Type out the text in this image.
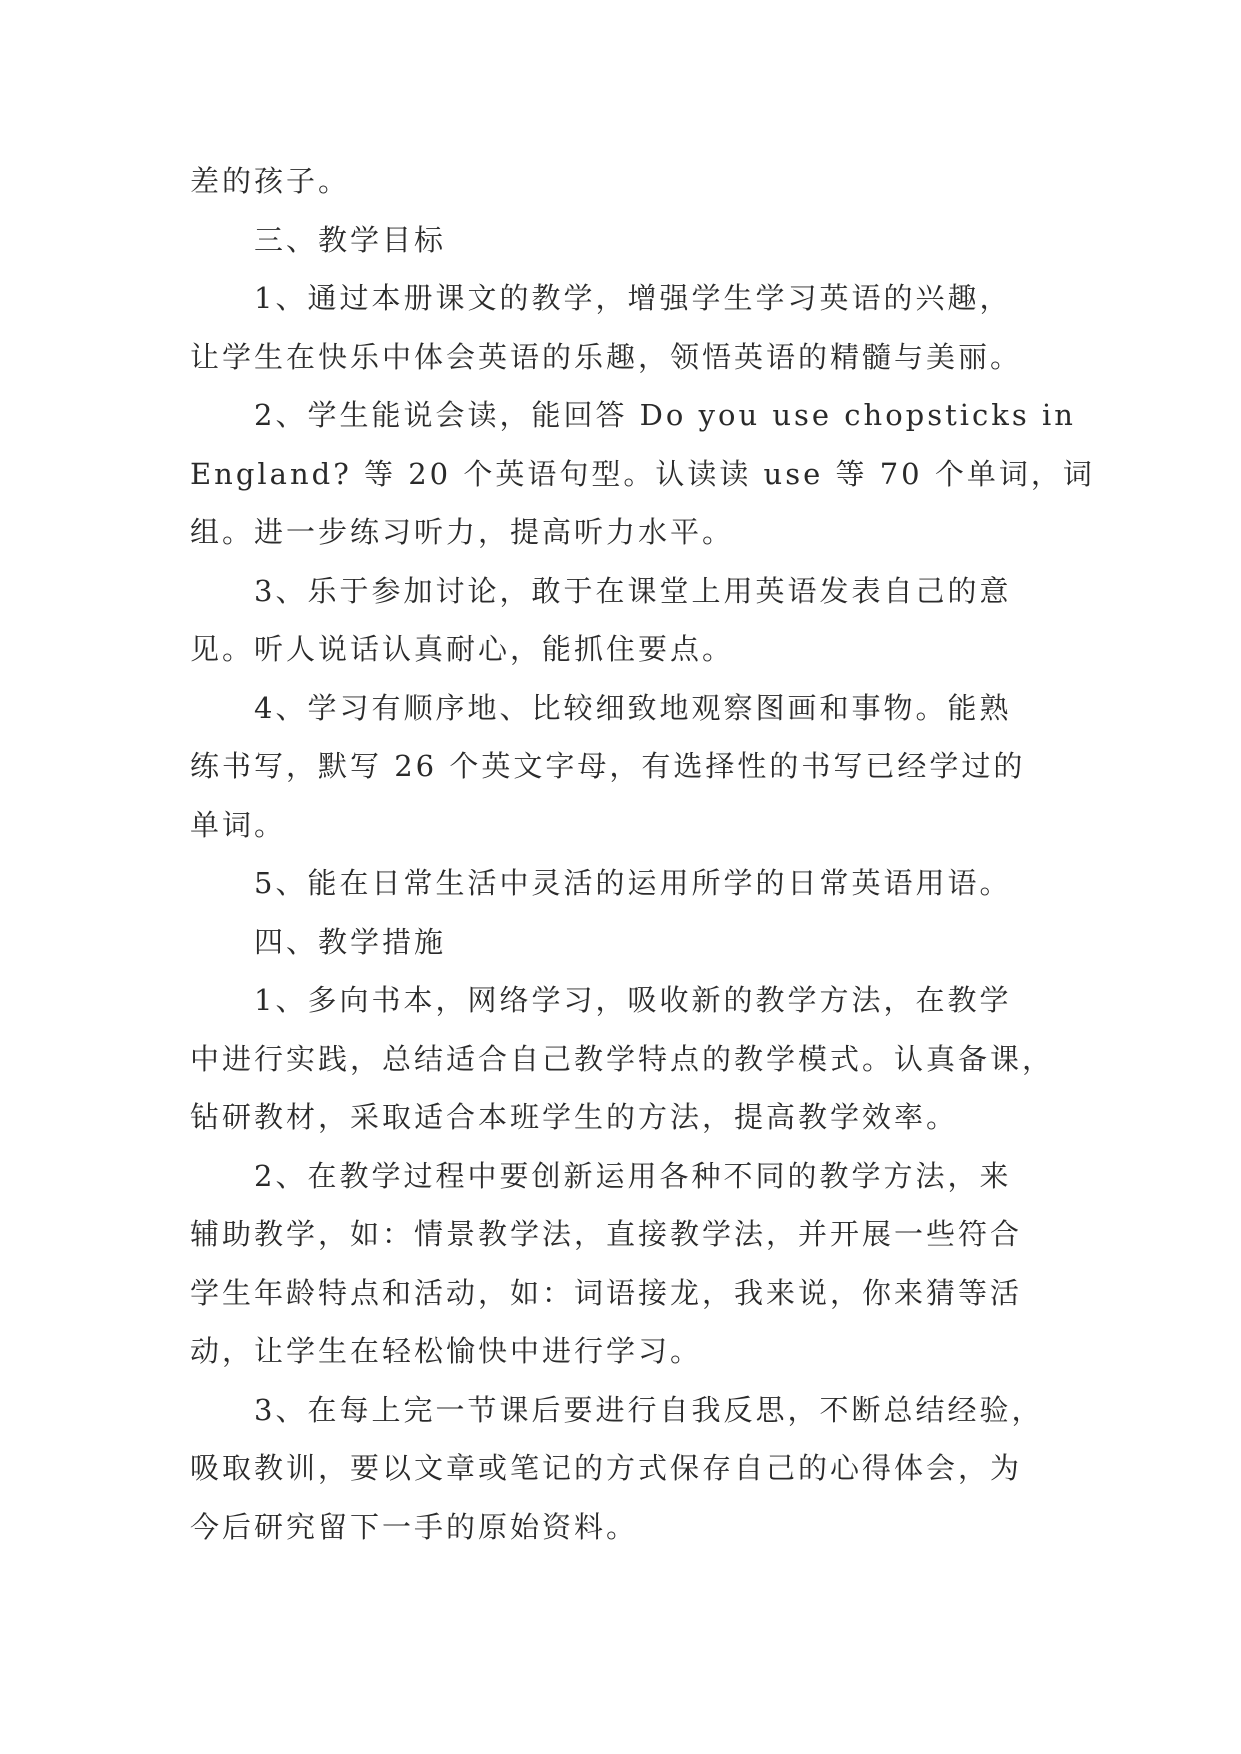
差的孩子。
三、教学目标
1、通过本册课文的教学，增强学生学习英语的兴趣，
让学生在快乐中体会英语的乐趣，领悟英语的精髓与美丽。
2、学生能说会读，能回答 Do you use chopsticks in
England? 等 20 个英语句型。认读读 use 等 70 个单词，词
组。进一步练习听力，提高听力水平。
3、乐于参加讨论，敢于在课堂上用英语发表自己的意
见。听人说话认真耐心，能抓住要点。
4、学习有顺序地、比较细致地观察图画和事物。能熟
练书写，默写 26 个英文字母，有选择性的书写已经学过的
单词。
5、能在日常生活中灵活的运用所学的日常英语用语。
四、教学措施
1、多向书本，网络学习，吸收新的教学方法，在教学
中进行实践，总结适合自己教学特点的教学模式。认真备课，
钻研教材，采取适合本班学生的方法，提高教学效率。
2、在教学过程中要创新运用各种不同的教学方法，来
辅助教学，如：情景教学法，直接教学法，并开展一些符合
学生年龄特点和活动，如：词语接龙，我来说，你来猜等活
动，让学生在轻松愉快中进行学习。
3、在每上完一节课后要进行自我反思，不断总结经验，
吸取教训，要以文章或笔记的方式保存自己的心得体会，为
今后研究留下一手的原始资料。
